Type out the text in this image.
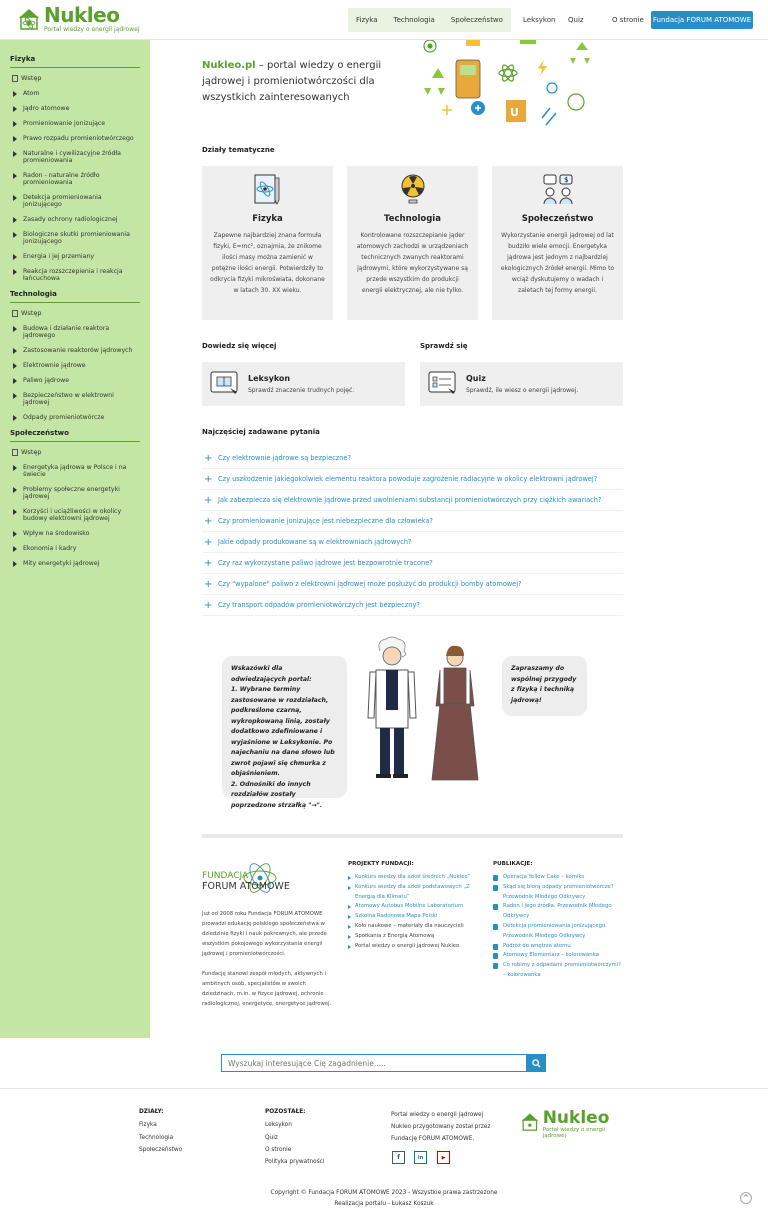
Nukleo
Portal wiedzy o energii jądrowej
Fizyka Technologia Społeczeństwo	Leksykon Quiz	O stronie Fundacja FORUM ATOMOWE
Fizyka
Wstęp
Atom
Jądro atomowe
Promieniowanie jonizujące
Prawo rozpadu promieniotwórczego
Naturalne i cywilizacyjne źródła promieniowania
Radon - naturalne źródło promieniowania
Detekcja promieniowania jonizującego
Zasady ochrony radiologicznej
Biologiczne skutki promieniowania jonizującego
Energia i jej przemiany
Reakcja rozszczepienia i reakcja łańcuchowa
Technologia
Wstęp
Budowa i działanie reaktora jądrowego
Zastosowanie reaktorów jądrowych
Elektrownie jądrowe
Paliwo jądrowe
Bezpieczeństwo w elektrowni jądrowej
Odpady promieniotwórcze
Społeczeństwo
Wstęp
Energetyka jądrowa w Polsce i na świecie
Problemy społeczne energetyki jądrowej
Korzyści i uciążliwości w okolicy budowy elektrowni jądrowej
Wpływ na środowisko
Ekonomia i kadry
Mity energetyki jądrowej
Nukleo.pl – portal wiedzy o energii jądrowej i promieniotwórczości dla wszystkich zainteresowanych
U
Działy tematyczne
Fizyka
Zapewne najbardziej znana formuła fizyki, E=mc², oznajmia, że znikome ilości masy można zamienić w potężne ilości energii. Potwierdziły to odkrycia fizyki mikroświata, dokonane w latach 30. XX wieku.
Technologia
Kontrolowane rozszczepianie jąder atomowych zachodzi w urządzeniach technicznych zwanych reaktorami jądrowymi, które wykorzystywane są przede wszystkim do produkcji energii elektrycznej, ale nie tylko.
$
Społeczeństwo
Wykorzystanie energii jądrowej od lat budziło wiele emocji. Energetyka jądrowa jest jednym z najbardziej ekologicznych źródeł energii. Mimo to wciąż dyskutujemy o wadach i zaletach tej formy energii.
Dowiedz się więcej	Sprawdź się
Leksykon
Sprawdź znaczenie trudnych pojęć.
Quiz
Sprawdź, ile wiesz o energii jądrowej.
Najczęściej zadawane pytania
+ Czy elektrownie jądrowe są bezpieczne?
+ Czy uszkodzenie jakiegokolwiek elementu reaktora powoduje zagrożenie radiacyjne w okolicy elektrowni jądrowej?
+ Jak zabezpiecza się elektrownie jądrowe przed uwolnieniami substancji promieniotwórczych przy ciężkich awariach?
+ Czy promieniowanie jonizujące jest niebezpieczne dla człowieka?
+ Jakie odpady produkowane są w elektrowniach jądrowych?
+ Czy raz wykorzystane paliwo jądrowe jest bezpowrotnie tracone?
+ Czy "wypalone" paliwo z elektrowni jądrowej może posłużyć do produkcji bomby atomowej?
+ Czy transport odpadów promieniotwórczych jest bezpieczny?
Wskazówki dla odwiedzających portal:
1. Wybrane terminy zastosowane w rozdziałach, podkreślone czarną, wykropkowaną linią, zostały dodatkowo zdefiniowane i wyjaśnione w Leksykonie. Po najechaniu na dane słowo lub zwrot pojawi się chmurka z objaśnieniem.
2. Odnośniki do innych rozdziałów zostały poprzedzone strzałką "→".
Zapraszamy do wspólnej przygody z fizyką i techniką jądrową!
FUNDACJA
FORUM ATOMOWE

Już od 2008 roku Fundacja FORUM ATOMOWE prowadzi edukację polskiego społeczeństwa w dziedzinie fizyki i nauk pokrewnych, ale przede wszystkim pokojowego wykorzystania energii jądrowej i promieniotwórczości.

Fundację stanowi zespół młodych, aktywnych i ambitnych osób, specjalistów w swoich dziedzinach, m.in. w fizyce jądrowej, ochronie radiologicznej, energetyce, energetyce jądrowej.

PROJEKTY FUNDACJI:
Konkurs wiedzy dla szkół średnich „Nukleo”
Konkurs wiedzy dla szkół podstawowych „Z Energią dla Klimatu”
Atomowy Autobus Mobilne Laboratorium
Szkolna Radonowa Mapa Polski
Koło naukowe – materiały dla nauczycieli
Spotkania z Energią Atomową
Portal wiedzy o energii jądrowej Nukleo
PUBLIKACJE:
Operacja Yellow Cake – komiks
Skąd się biorą odpady promieniotwórcze? Przewodnik Młodego Odkrywcy
Radon i jego źródła. Przewodnik Młodego Odkrywcy
Detekcja promieniowania jonizującego. Przewodnik Młodego Odkrywcy
Podróż do wnętrza atomu
Atomowy Elementarz – kolorowanka
Co robimy z odpadami promieniotwórczymi? – kolorowanka
Wyszukaj interesujące Cię zagadnienie.....
DZIAŁY:
Fizyka
Technologia
Społeczeństwo
POZOSTAŁE:
Leksykon
Quiz
O stronie
Polityka prywatności
Portal wiedzy o energii jądrowej Nukleo przygotowany został przez Fundację FORUM ATOMOWE.
f	in	▶
Nukleo
Portal wiedzy o energii jądrowej
Copyright © Fundacja FORUM ATOMOWE 2023 - Wszystkie prawa zastrzeżone
Realizacja portalu - Łukasz Koszuk
^
